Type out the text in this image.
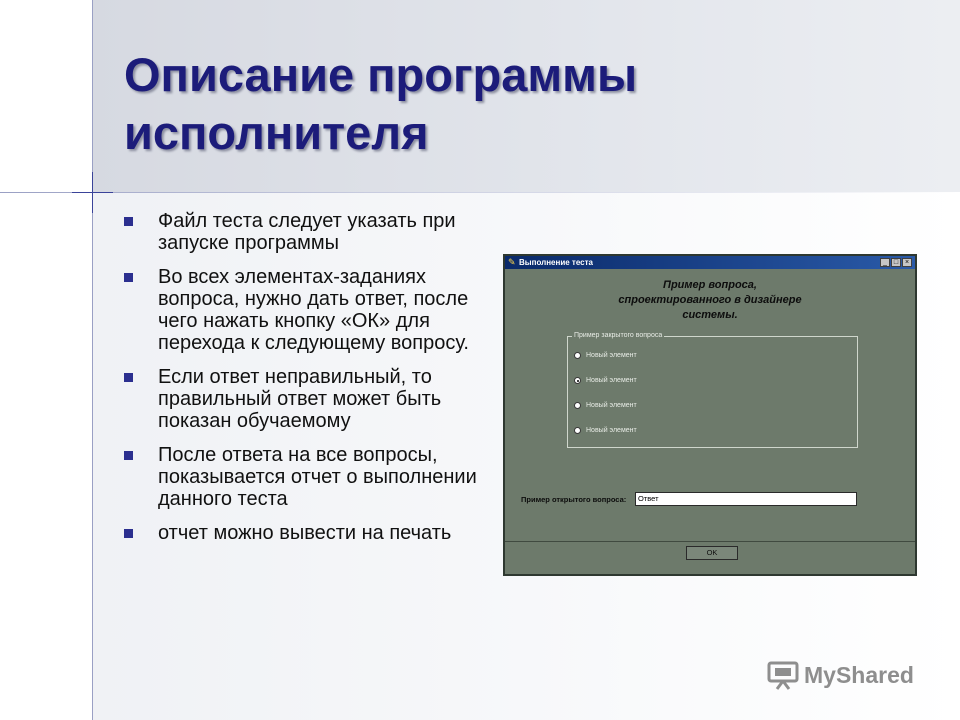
Описание программы
исполнителя
Файл теста следует указать при запуске программы
Во всех элементах-заданиях вопроса, нужно дать ответ, после чего нажать кнопку «ОК» для перехода к следующему вопросу.
Если ответ неправильный, то правильный ответ может быть показан обучаемому
После ответа на все вопросы, показывается отчет о выполнении данного теста
отчет можно вывести на печать
✎ Выполнение теста	_ □ ×
Пример вопроса,
спроектированного в дизайнере
системы.
Пример закрытого вопроса
Новый элемент
Новый элемент
Новый элемент
Новый элемент
Пример открытого вопроса:	Ответ
OK
MyShared
